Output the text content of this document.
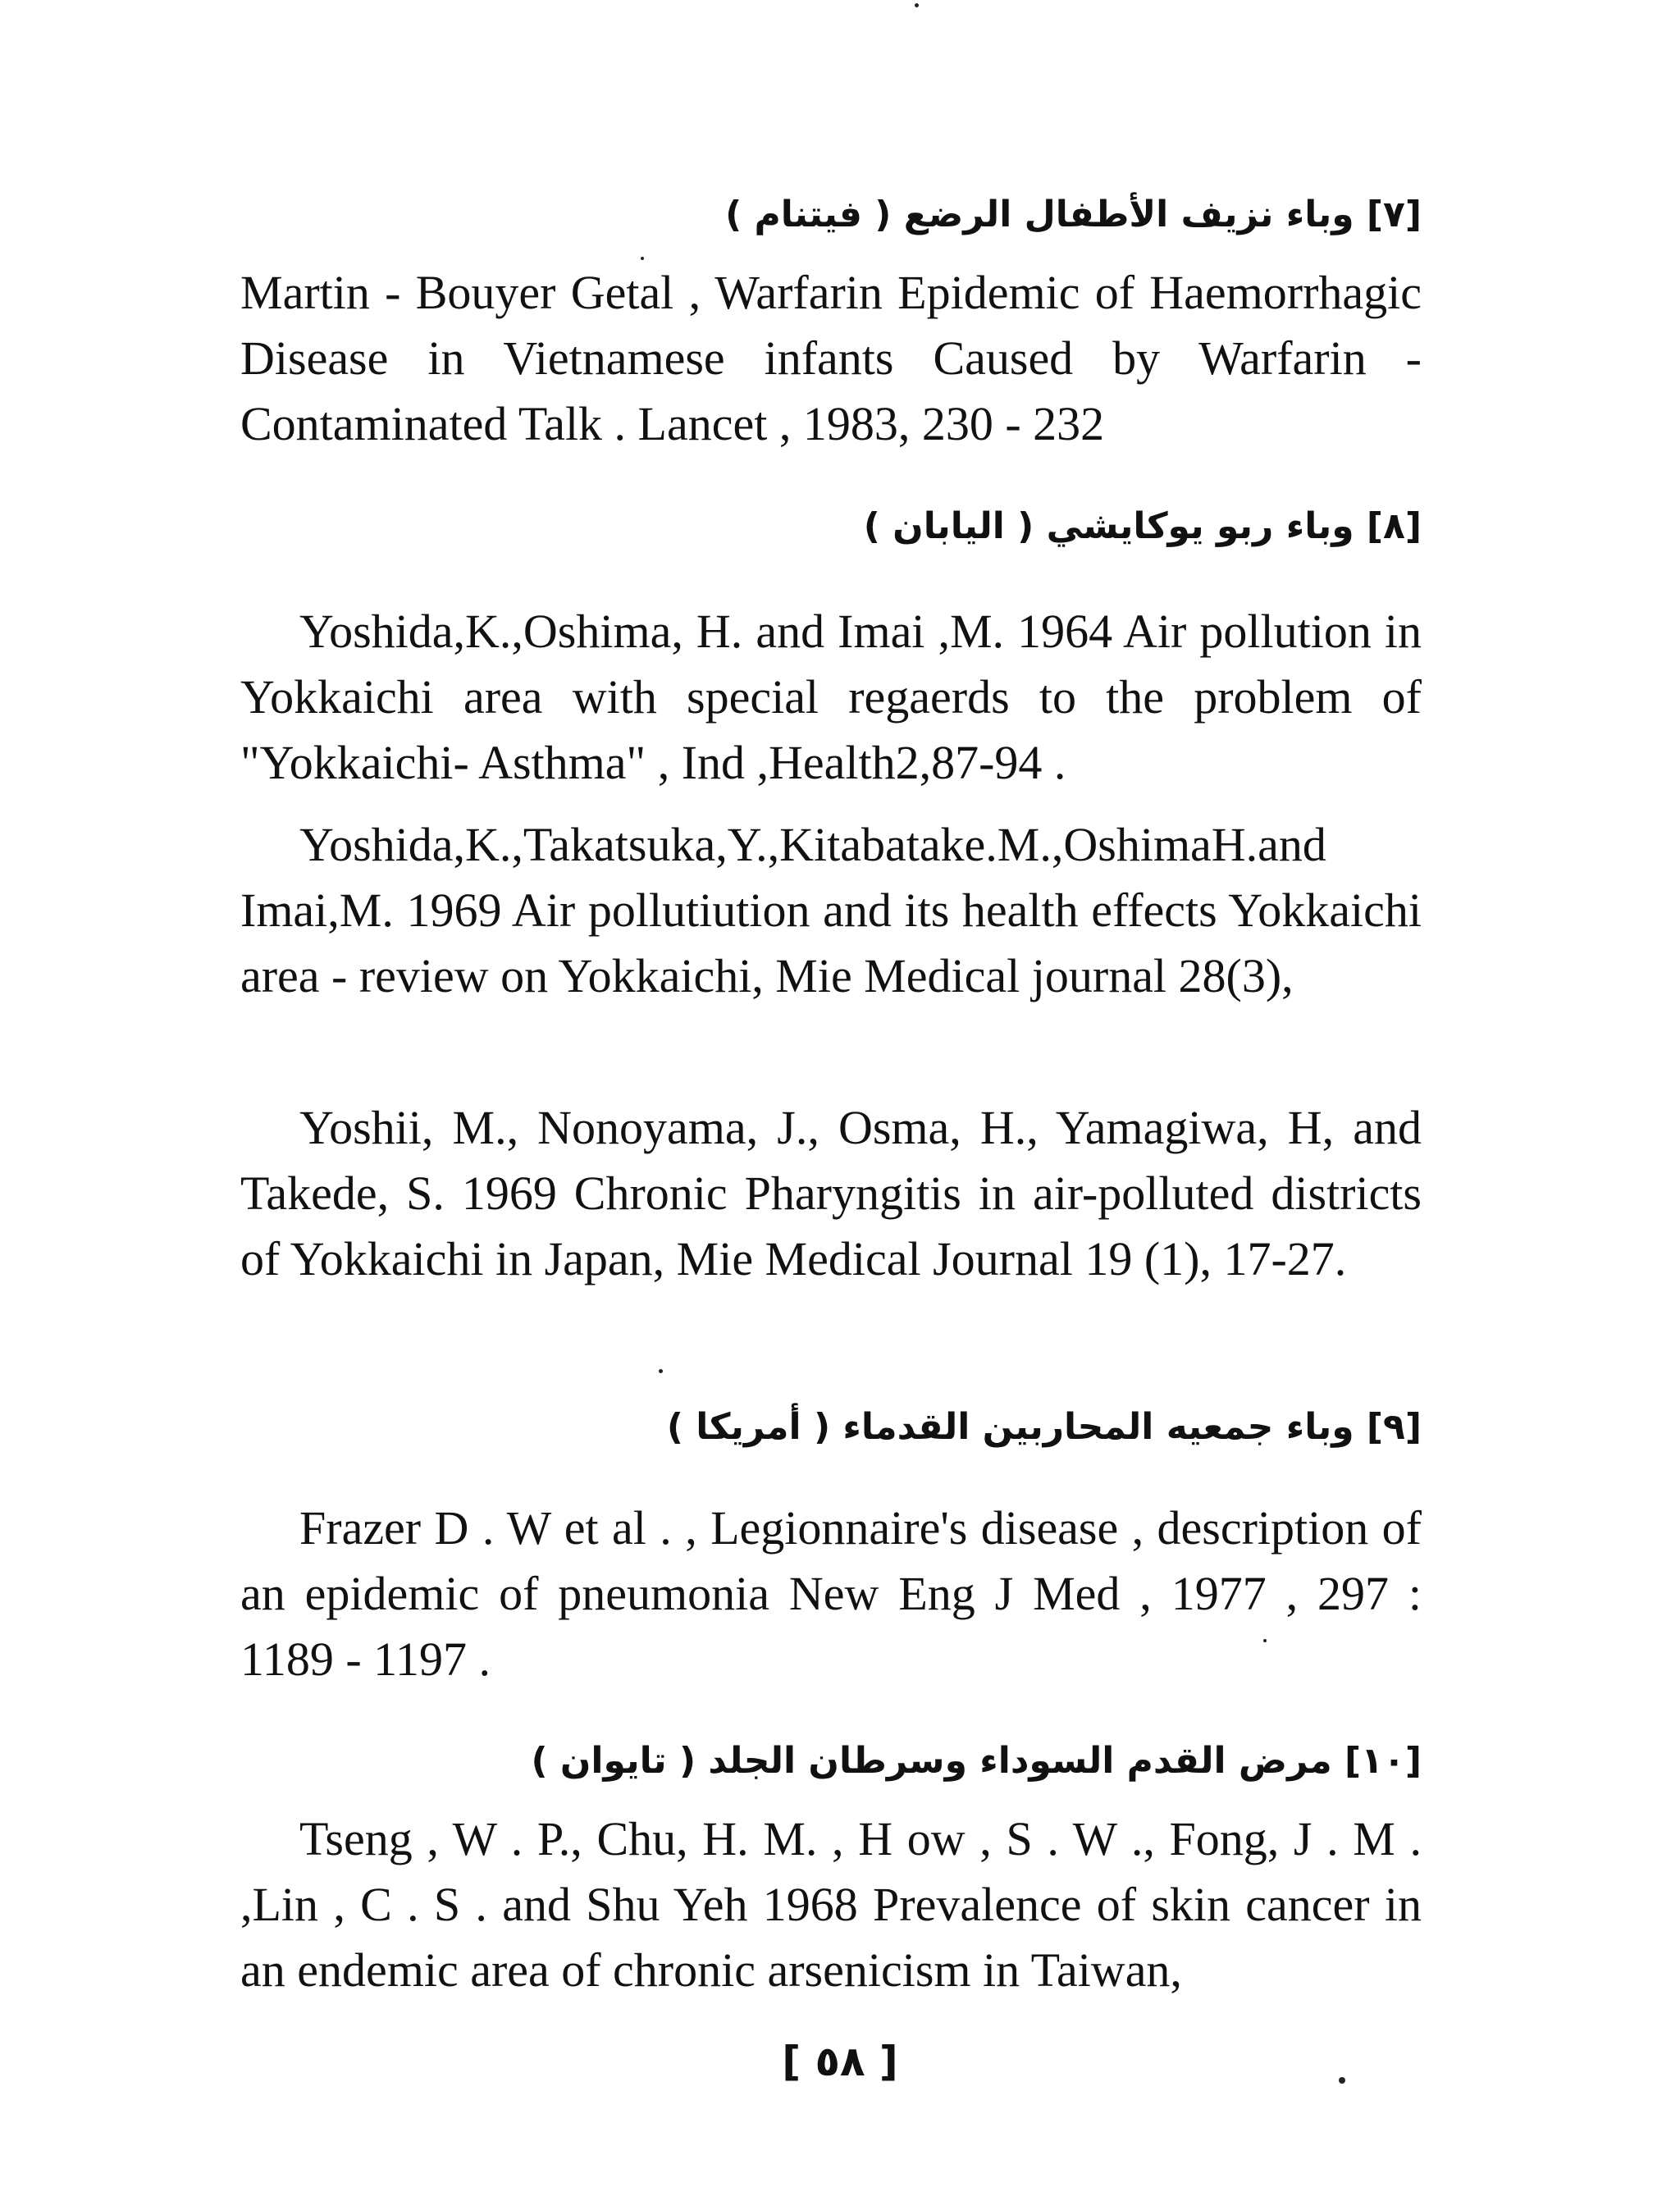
[٧] وباء نزيف الأطفال الرضع ( فيتنام )
Martin - Bouyer Getal , Warfarin Epidemic of Haemorrhagic Disease in Vietnamese infants Caused by Warfarin - Contaminated Talk . Lancet , 1983, 230 - 232
[٨] وباء ربو يوكايشي ( اليابان )
Yoshida,K.,Oshima, H. and Imai ,M. 1964 Air pollution in Yokkaichi area with special regaerds to the problem of "Yokkaichi- Asthma" , Ind ,Health2,87-94 .
Yoshida,K.,Takatsuka,Y.,Kitabatake.M.,OshimaH.and Imai,M. 1969 Air pollutiution and its health effects Yokkaichi area - review on Yokkaichi, Mie Medical journal 28(3),
Yoshii, M., Nonoyama, J., Osma, H., Yamagiwa, H, and Takede, S. 1969 Chronic Pharyngitis in air-polluted districts of Yokkaichi in Japan, Mie Medical Journal 19 (1), 17-27.
[٩] وباء جمعيه المحاربين القدماء ( أمريكا )
Frazer D . W et al . , Legionnaire's disease , description of an epidemic of pneumonia New Eng J Med , 1977 , 297 : 1189 - 1197 .
[١٠] مرض القدم السوداء وسرطان الجلد ( تايوان )
Tseng , W . P., Chu, H. M. , H ow , S . W ., Fong, J . M . ,Lin , C . S . and Shu Yeh 1968 Prevalence of skin cancer in an endemic area of chronic arsenicism in Taiwan,
[ ٥٨ ]
